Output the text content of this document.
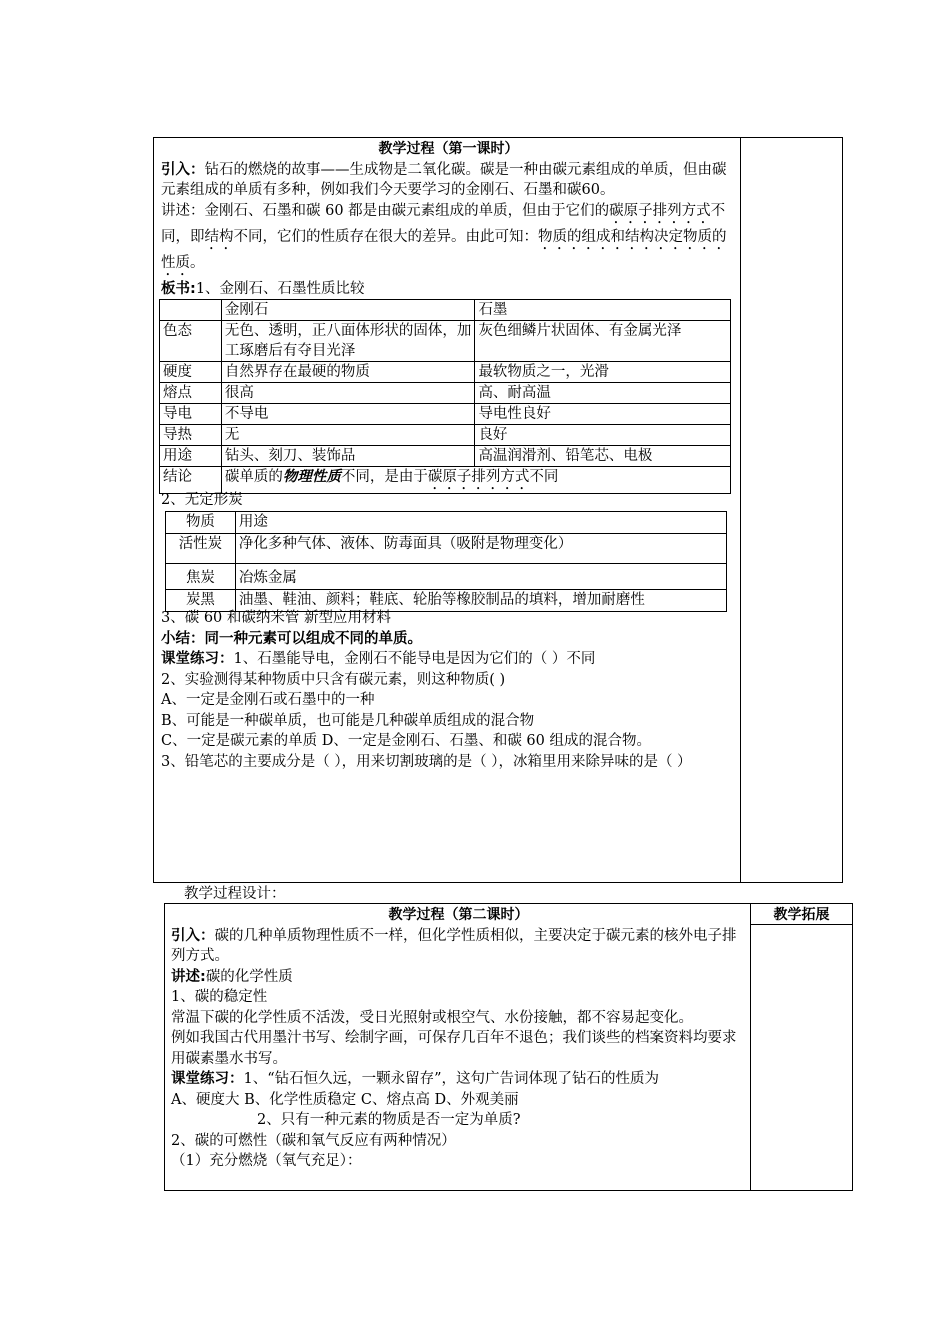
教学过程（第一课时）

引入：钻石的燃烧的故事——生成物是二氧化碳。碳是一种由碳元素组成的单质，但由碳元素组成的单质有多种，例如我们今天要学习的金刚石、石墨和碳60。

讲述：金刚石、石墨和碳 60 都是由碳元素组成的单质，但由于它们的碳原子排列方式不同，即结构不同，它们的性质存在很大的差异。由此可知：物质的组成和结构决定物质的性质。

板书:1、金刚石、石墨性质比较

	金刚石	石墨
色态	无色、透明，正八面体形状的固体，加工琢磨后有夺目光泽	灰色细鳞片状固体、有金属光泽
硬度	自然界存在最硬的物质	最软物质之一，光滑
熔点	很高	高、耐高温
导电	不导电	导电性良好
导热	无	良好
用途	钻头、刻刀、装饰品	高温润滑剂、铅笔芯、电极
结论	碳单质的物理性质不同，是由于碳原子排列方式不同	
2、无定形炭
物质	用途
活性炭	净化多种气体、液体、防毒面具（吸附是物理变化）
焦炭	冶炼金属
炭黑	油墨、鞋油、颜料；鞋底、轮胎等橡胶制品的填料，增加耐磨性

3、碳 60 和碳纳米管 新型应用材料

小结：同一种元素可以组成不同的单质。

课堂练习：1、石墨能导电，金刚石不能导电是因为它们的（ ）不同

2、实验测得某种物质中只含有碳元素，则这种物质( )

A、一定是金刚石或石墨中的一种

B、可能是一种碳单质，也可能是几种碳单质组成的混合物

C、一定是碳元素的单质 D、一定是金刚石、石墨、和碳 60 组成的混合物。

3、铅笔芯的主要成分是（ ），用来切割玻璃的是（ ），冰箱里用来除异味的是（ ）

教学过程设计：
教学拓展
教学过程（第二课时）

引入：碳的几种单质物理性质不一样，但化学性质相似，主要决定于碳元素的核外电子排列方式。

讲述:碳的化学性质

1、碳的稳定性

常温下碳的化学性质不活泼，受日光照射或根空气、水份接触，都不容易起变化。

例如我国古代用墨汁书写、绘制字画，可保存几百年不退色；我们谈些的档案资料均要求用碳素墨水书写。

课堂练习：1、“钻石恒久远，一颗永留存”，这句广告词体现了钻石的性质为

A、硬度大 B、化学性质稳定 C、熔点高 D、外观美丽

2、只有一种元素的物质是否一定为单质?

2、碳的可燃性（碳和氧气反应有两种情况）

（1）充分燃烧（氧气充足）：
